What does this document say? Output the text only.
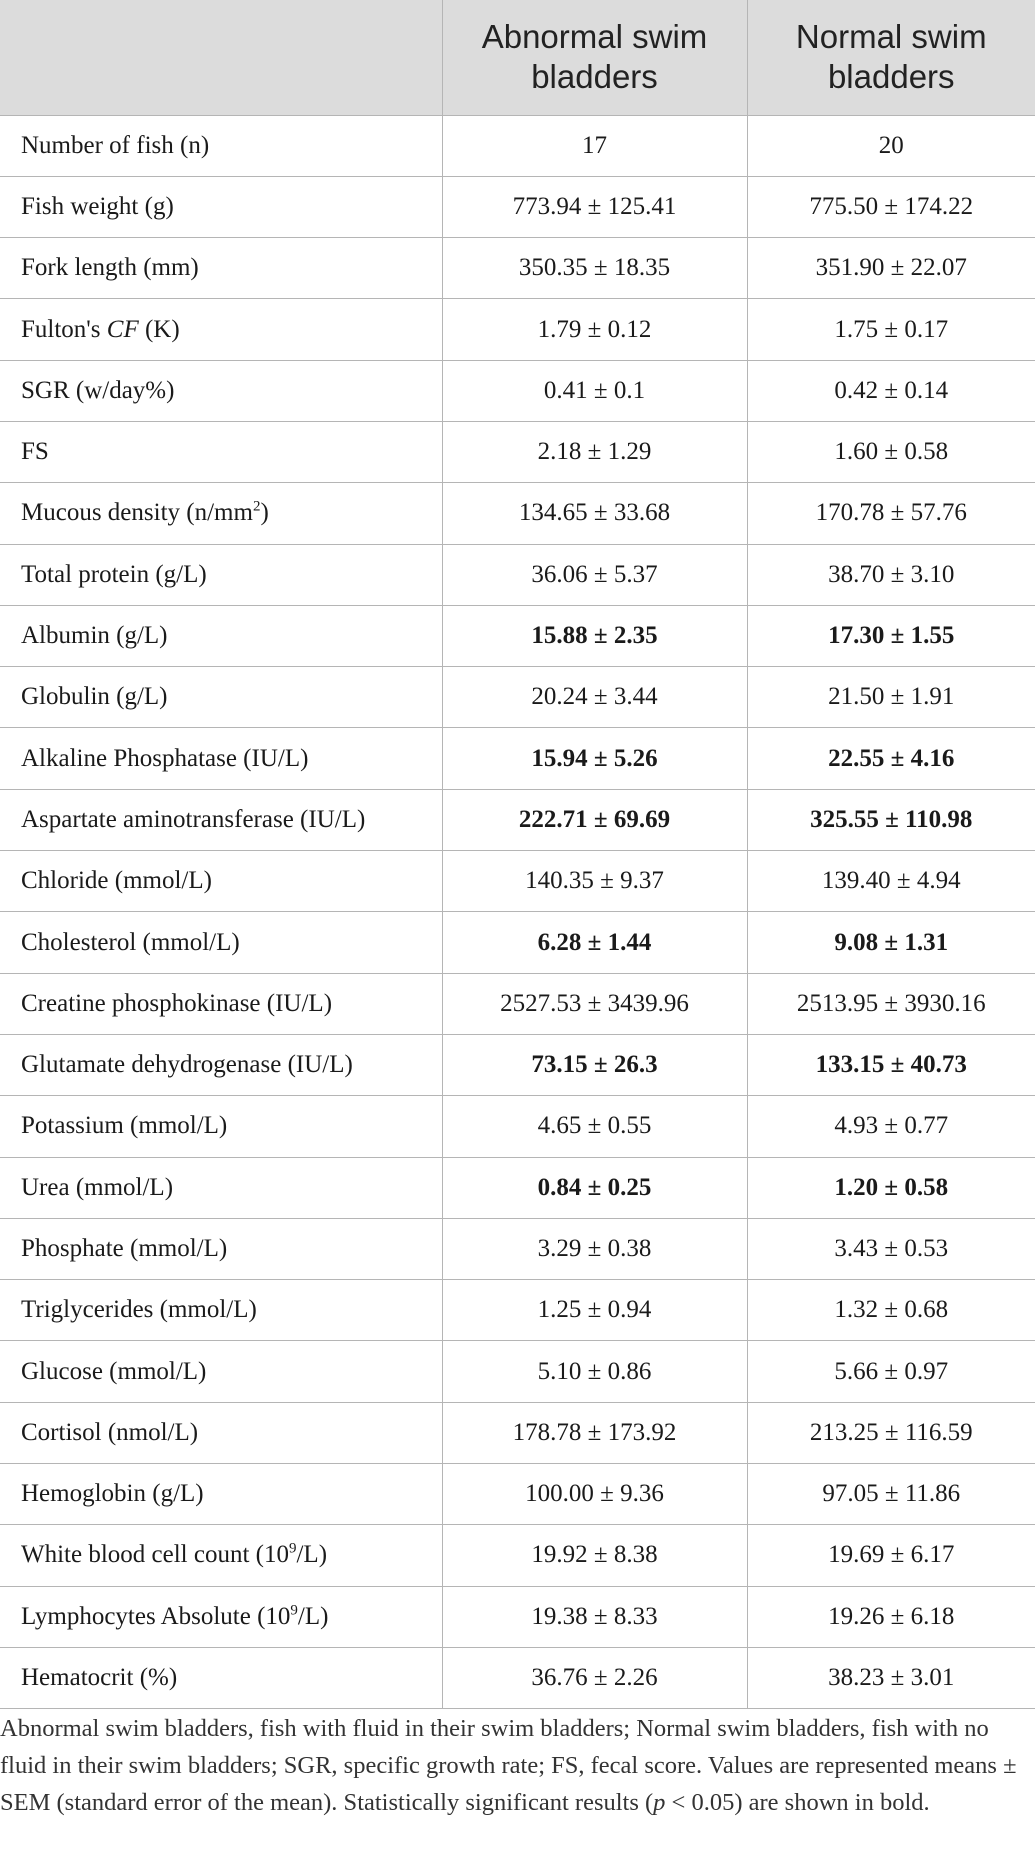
	Abnormal swim bladders	Normal swim bladders
Number of fish (n)	17	20
Fish weight (g)	773.94 ± 125.41	775.50 ± 174.22
Fork length (mm)	350.35 ± 18.35	351.90 ± 22.07
Fulton's CF (K)	1.79 ± 0.12	1.75 ± 0.17
SGR (w/day%)	0.41 ± 0.1	0.42 ± 0.14
FS	2.18 ± 1.29	1.60 ± 0.58
Mucous density $(n/mm^2)$	134.65 ± 33.68	170.78 ± 57.76
Total protein (g/L)	36.06 ± 5.37	38.70 ± 3.10
Albumin (g/L)	15.88 ± 2.35	17.30 ± 1.55
Globulin (g/L)	20.24 ± 3.44	21.50 ± 1.91
Alkaline Phosphatase (IU/L)	15.94 ± 5.26	22.55 ± 4.16
Aspartate aminotransferase (IU/L)	222.71 ± 69.69	325.55 ± 110.98
Chloride (mmol/L)	140.35 ± 9.37	139.40 ± 4.94
Cholesterol (mmol/L)	6.28 ± 1.44	9.08 ± 1.31
Creatine phosphokinase (IU/L)	2527.53 ± 3439.96	2513.95 ± 3930.16
Glutamate dehydrogenase (IU/L)	73.15 ± 26.3	133.15 ± 40.73
Potassium (mmol/L)	4.65 ± 0.55	4.93 ± 0.77
Urea (mmol/L)	0.84 ± 0.25	1.20 ± 0.58
Phosphate (mmol/L)	3.29 ± 0.38	3.43 ± 0.53
Triglycerides (mmol/L)	1.25 ± 0.94	1.32 ± 0.68
Glucose (mmol/L)	5.10 ± 0.86	5.66 ± 0.97
Cortisol (nmol/L)	178.78 ± 173.92	213.25 ± 116.59
Hemoglobin (g/L)	100.00 ± 9.36	97.05 ± 11.86
White blood cell count $(10^9/L)$	19.92 ± 8.38	19.69 ± 6.17
Lymphocytes Absolute $(10^9/L)$	19.38 ± 8.33	19.26 ± 6.18
Hematocrit (%)	36.76 ± 2.26	38.23 ± 3.01
Abnormal swim bladders, fish with fluid in their swim bladders; Normal swim bladders, fish with no fluid in their swim bladders; SGR, specific growth rate; FS, fecal score. Values are represented means ± SEM (standard error of the mean). Statistically significant results (p < 0.05) are shown in bold.
